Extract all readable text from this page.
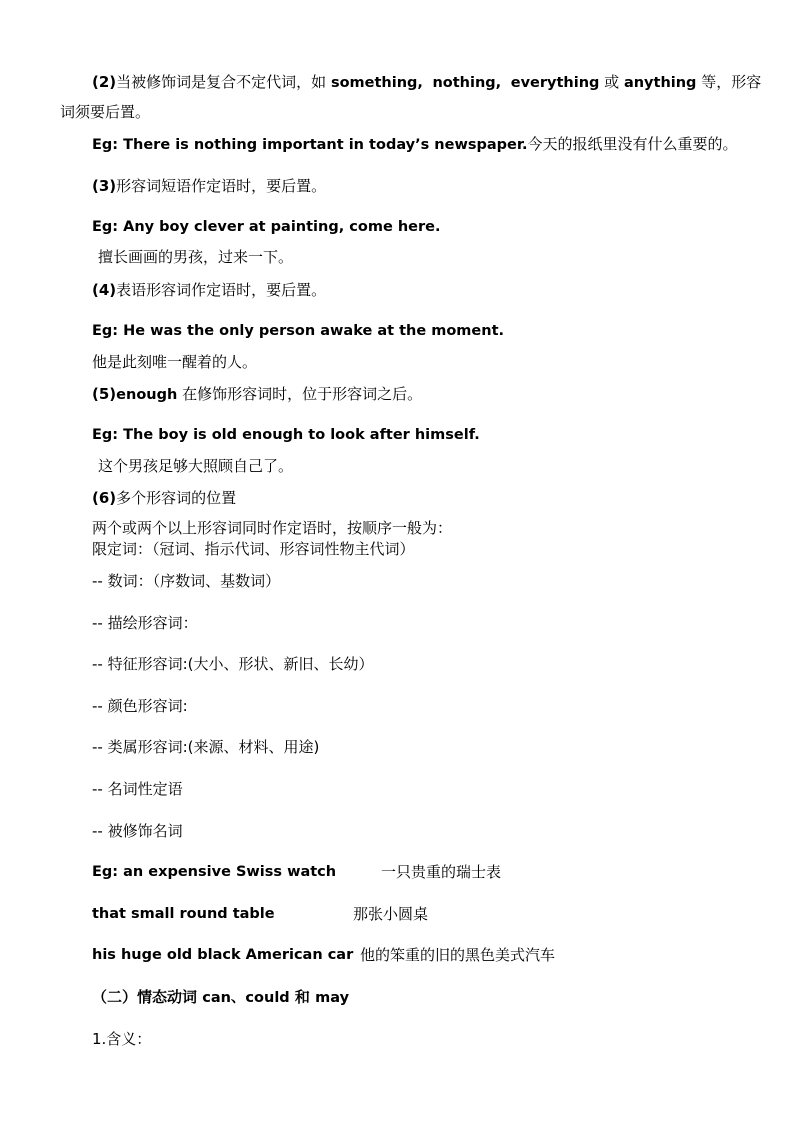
(2)当被修饰词是复合不定代词，如 something, nothing, everything 或 anything 等，形容
词须要后置。
Eg: There is nothing important in today’s newspaper.今天的报纸里没有什么重要的。
(3)形容词短语作定语时，要后置。
Eg: Any boy clever at painting, come here.
擅长画画的男孩，过来一下。
(4)表语形容词作定语时，要后置。
Eg: He was the only person awake at the moment.
他是此刻唯一醒着的人。
(5)enough 在修饰形容词时，位于形容词之后。
Eg: The boy is old enough to look after himself.
这个男孩足够大照顾自己了。
(6)多个形容词的位置
两个或两个以上形容词同时作定语时，按顺序一般为：
限定词：（冠词、指示代词、形容词性物主代词）
-- 数词：（序数词、基数词）
-- 描绘形容词：
-- 特征形容词:(大小、形状、新旧、长幼）
-- 颜色形容词:
-- 类属形容词:(来源、材料、用途)
-- 名词性定语
-- 被修饰名词
Eg: an expensive Swiss watch	一只贵重的瑞士表
that small round table	那张小圆桌
his huge old black American car 他的笨重的旧的黑色美式汽车
（二）情态动词 can、could 和 may
1.含义：
